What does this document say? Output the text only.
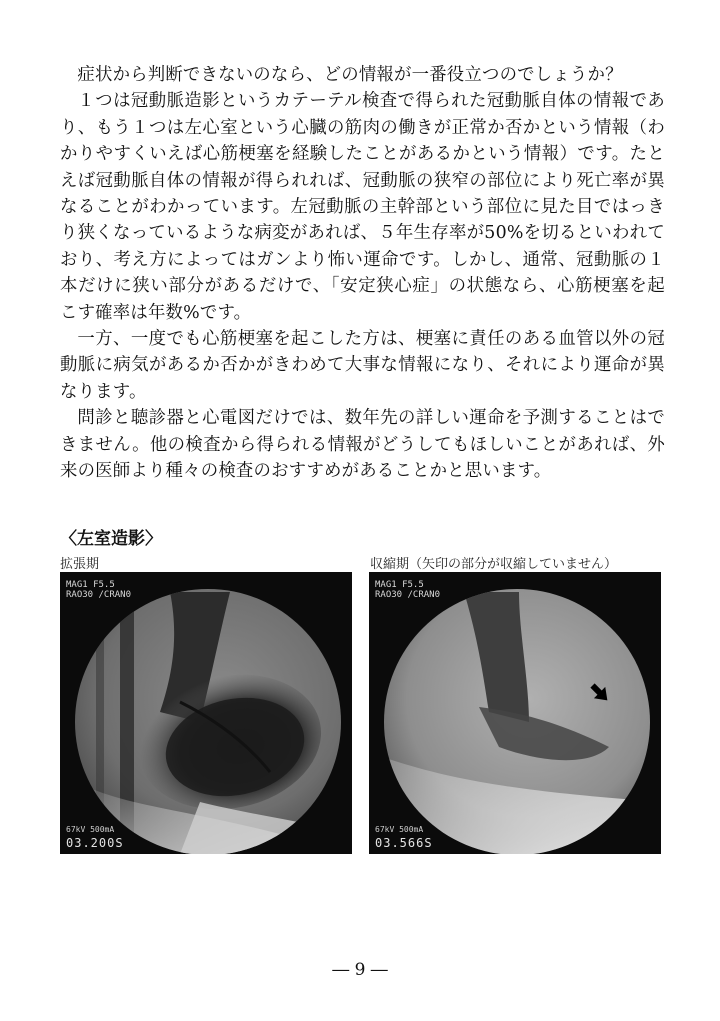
症状から判断できないのなら、どの情報が一番役立つのでしょうか？

１つは冠動脈造影というカテーテル検査で得られた冠動脈自体の情報であり、もう１つは左心室という心臓の筋肉の働きが正常か否かという情報（わかりやすくいえば心筋梗塞を経験したことがあるかという情報）です。たとえば冠動脈自体の情報が得られれば、冠動脈の狭窄の部位により死亡率が異なることがわかっています。左冠動脈の主幹部という部位に見た目ではっきり狭くなっているような病変があれば、５年生存率が50%を切るといわれており、考え方によってはガンより怖い運命です。しかし、通常、冠動脈の１本だけに狭い部分があるだけで、「安定狭心症」の状態なら、心筋梗塞を起こす確率は年数%です。

一方、一度でも心筋梗塞を起こした方は、梗塞に責任のある血管以外の冠動脈に病気があるか否かがきわめて大事な情報になり、それにより運命が異なります。

問診と聴診器と心電図だけでは、数年先の詳しい運命を予測することはできません。他の検査から得られる情報がどうしてもほしいことがあれば、外来の医師より種々の検査のおすすめがあることかと思います。

〈左室造影〉
拡張期	収縮期（矢印の部分が収縮していません）
MAG1 F5.5
RAO30 /CRAN0
67kV 500mA
03.200S
MAG1 F5.5
RAO30 /CRAN0
67kV 500mA
03.566S
― 9 ―
